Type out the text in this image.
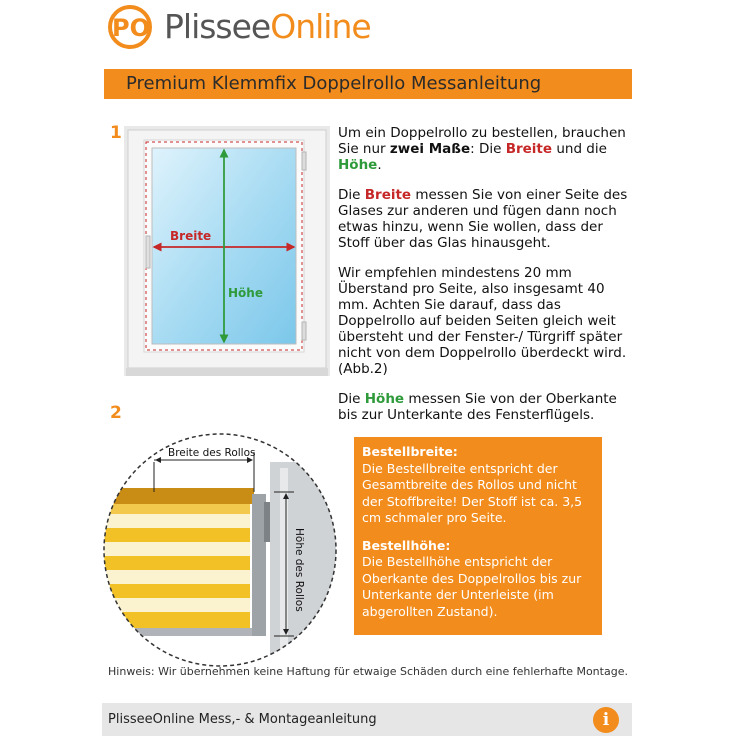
PO PlisseeOnline
Premium Klemmfix Doppelrollo Messanleitung
1
2
Breite
Höhe

Um ein Doppelrollo zu bestellen, brauchen Sie nur zwei Maße: Die Breite und die Höhe.

Die Breite messen Sie von einer Seite des Glases zur anderen und fügen dann noch etwas hinzu, wenn Sie wollen, dass der Stoff über das Glas hinausgeht.

Wir empfehlen mindestens 20 mm Überstand pro Seite, also insgesamt 40 mm. Achten Sie darauf, dass das Doppelrollo auf beiden Seiten gleich weit übersteht und der Fenster-/ Türgriff später nicht von dem Doppelrollo überdeckt wird. (Abb.2)

Die Höhe messen Sie von der Oberkante bis zur Unterkante des Fensterflügels.

Breite des Rollos
Höhe des Rollos
Bestellbreite:
Die Bestellbreite entspricht der Gesamtbreite des Rollos und nicht der Stoffbreite! Der Stoff ist ca. 3,5 cm schmaler pro Seite.
Bestellhöhe:
Die Bestellhöhe entspricht der Oberkante des Doppelrollos bis zur Unterkante der Unterleiste (im abgerollten Zustand).
Hinweis: Wir übernehmen keine Haftung für etwaige Schäden durch eine fehlerhafte Montage.
PlisseeOnline Mess,- & Montageanleitung	i
